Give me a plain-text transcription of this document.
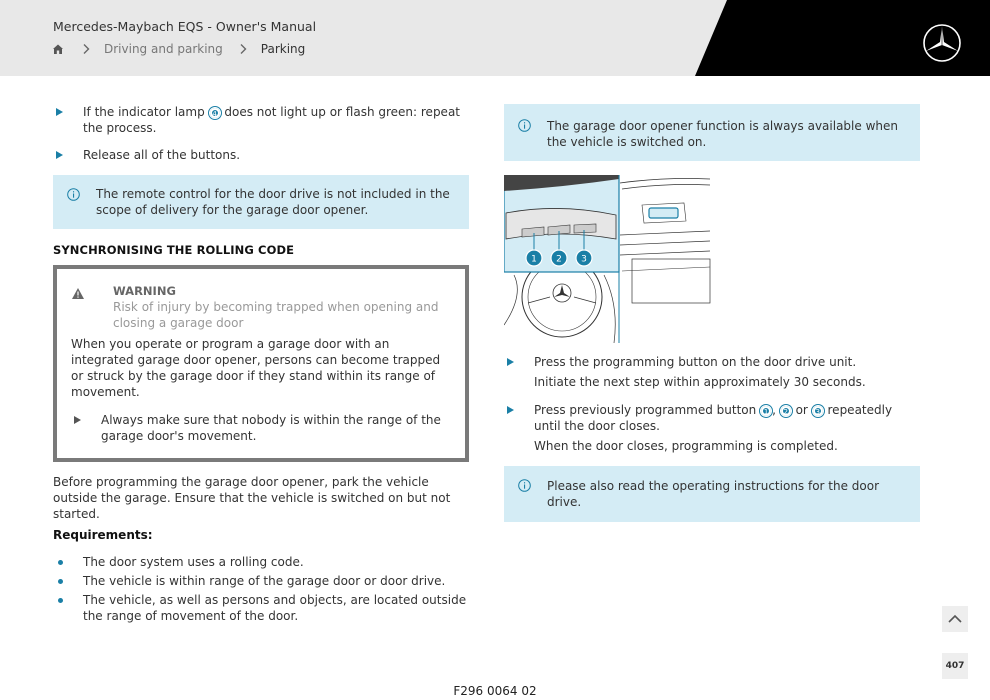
Mercedes-Maybach EQS - Owner's Manual
Driving and parking	Parking
If the indicator lamp 4 does not light up or flash green: repeat the process.
Release all of the buttons.
The remote control for the door drive is not included in the scope of delivery for the garage door opener.
SYNCHRONISING THE ROLLING CODE
WARNING
Risk of injury by becoming trapped when opening and closing a garage door
When you operate or program a garage door with an integrated garage door opener, persons can become trapped or struck by the garage door if they stand within its range of movement.
Always make sure that nobody is within the range of the garage door's movement.
Before programming the garage door opener, park the vehicle outside the garage. Ensure that the vehicle is switched on but not started.
Requirements:
The door system uses a rolling code.
The vehicle is within range of the garage door or door drive.
The vehicle, as well as persons and objects, are located outside the range of movement of the door.
The garage door opener function is always available when the vehicle is switched on.
1 2 3
Press the programming button on the door drive unit.
Initiate the next step within approximately 30 seconds.
Press previously programmed button 1 , 2 or 3 repeatedly until the door closes.
When the door closes, programming is completed.
Please also read the operating instructions for the door drive.
407
F296 0064 02
